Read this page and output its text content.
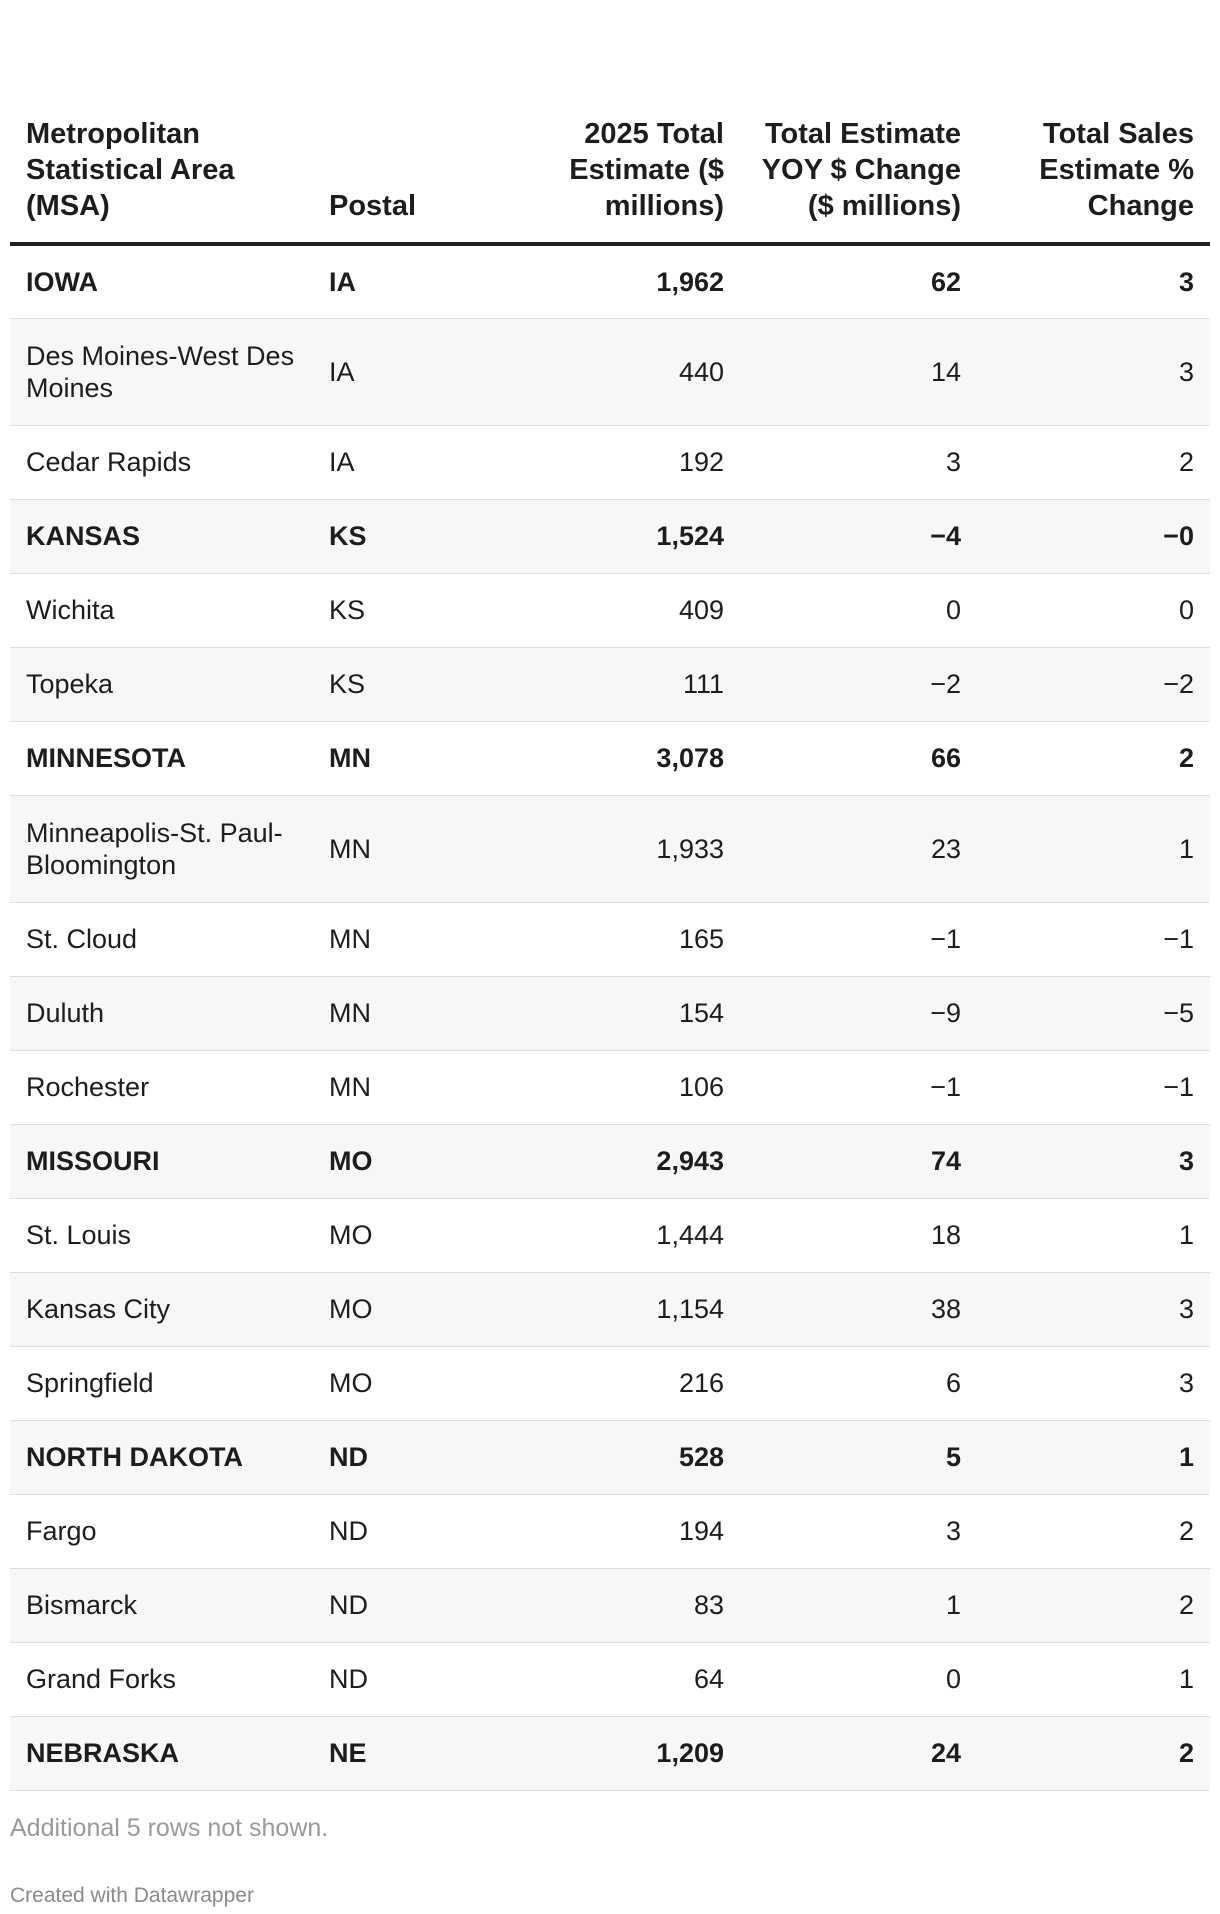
Metropolitan Statistical Area (MSA)	Postal	2025 Total Estimate ($ millions)	Total Estimate YOY $ Change ($ millions)	Total Sales Estimate % Change
IOWA	IA	1,962	62	3
Des Moines-West Des Moines	IA	440	14	3
Cedar Rapids	IA	192	3	2
KANSAS	KS	1,524	−4	−0
Wichita	KS	409	0	0
Topeka	KS	111	−2	−2
MINNESOTA	MN	3,078	66	2
Minneapolis-St. Paul-Bloomington	MN	1,933	23	1
St. Cloud	MN	165	−1	−1
Duluth	MN	154	−9	−5
Rochester	MN	106	−1	−1
MISSOURI	MO	2,943	74	3
St. Louis	MO	1,444	18	1
Kansas City	MO	1,154	38	3
Springfield	MO	216	6	3
NORTH DAKOTA	ND	528	5	1
Fargo	ND	194	3	2
Bismarck	ND	83	1	2
Grand Forks	ND	64	0	1
NEBRASKA	NE	1,209	24	2
Additional 5 rows not shown.
Created with Datawrapper
